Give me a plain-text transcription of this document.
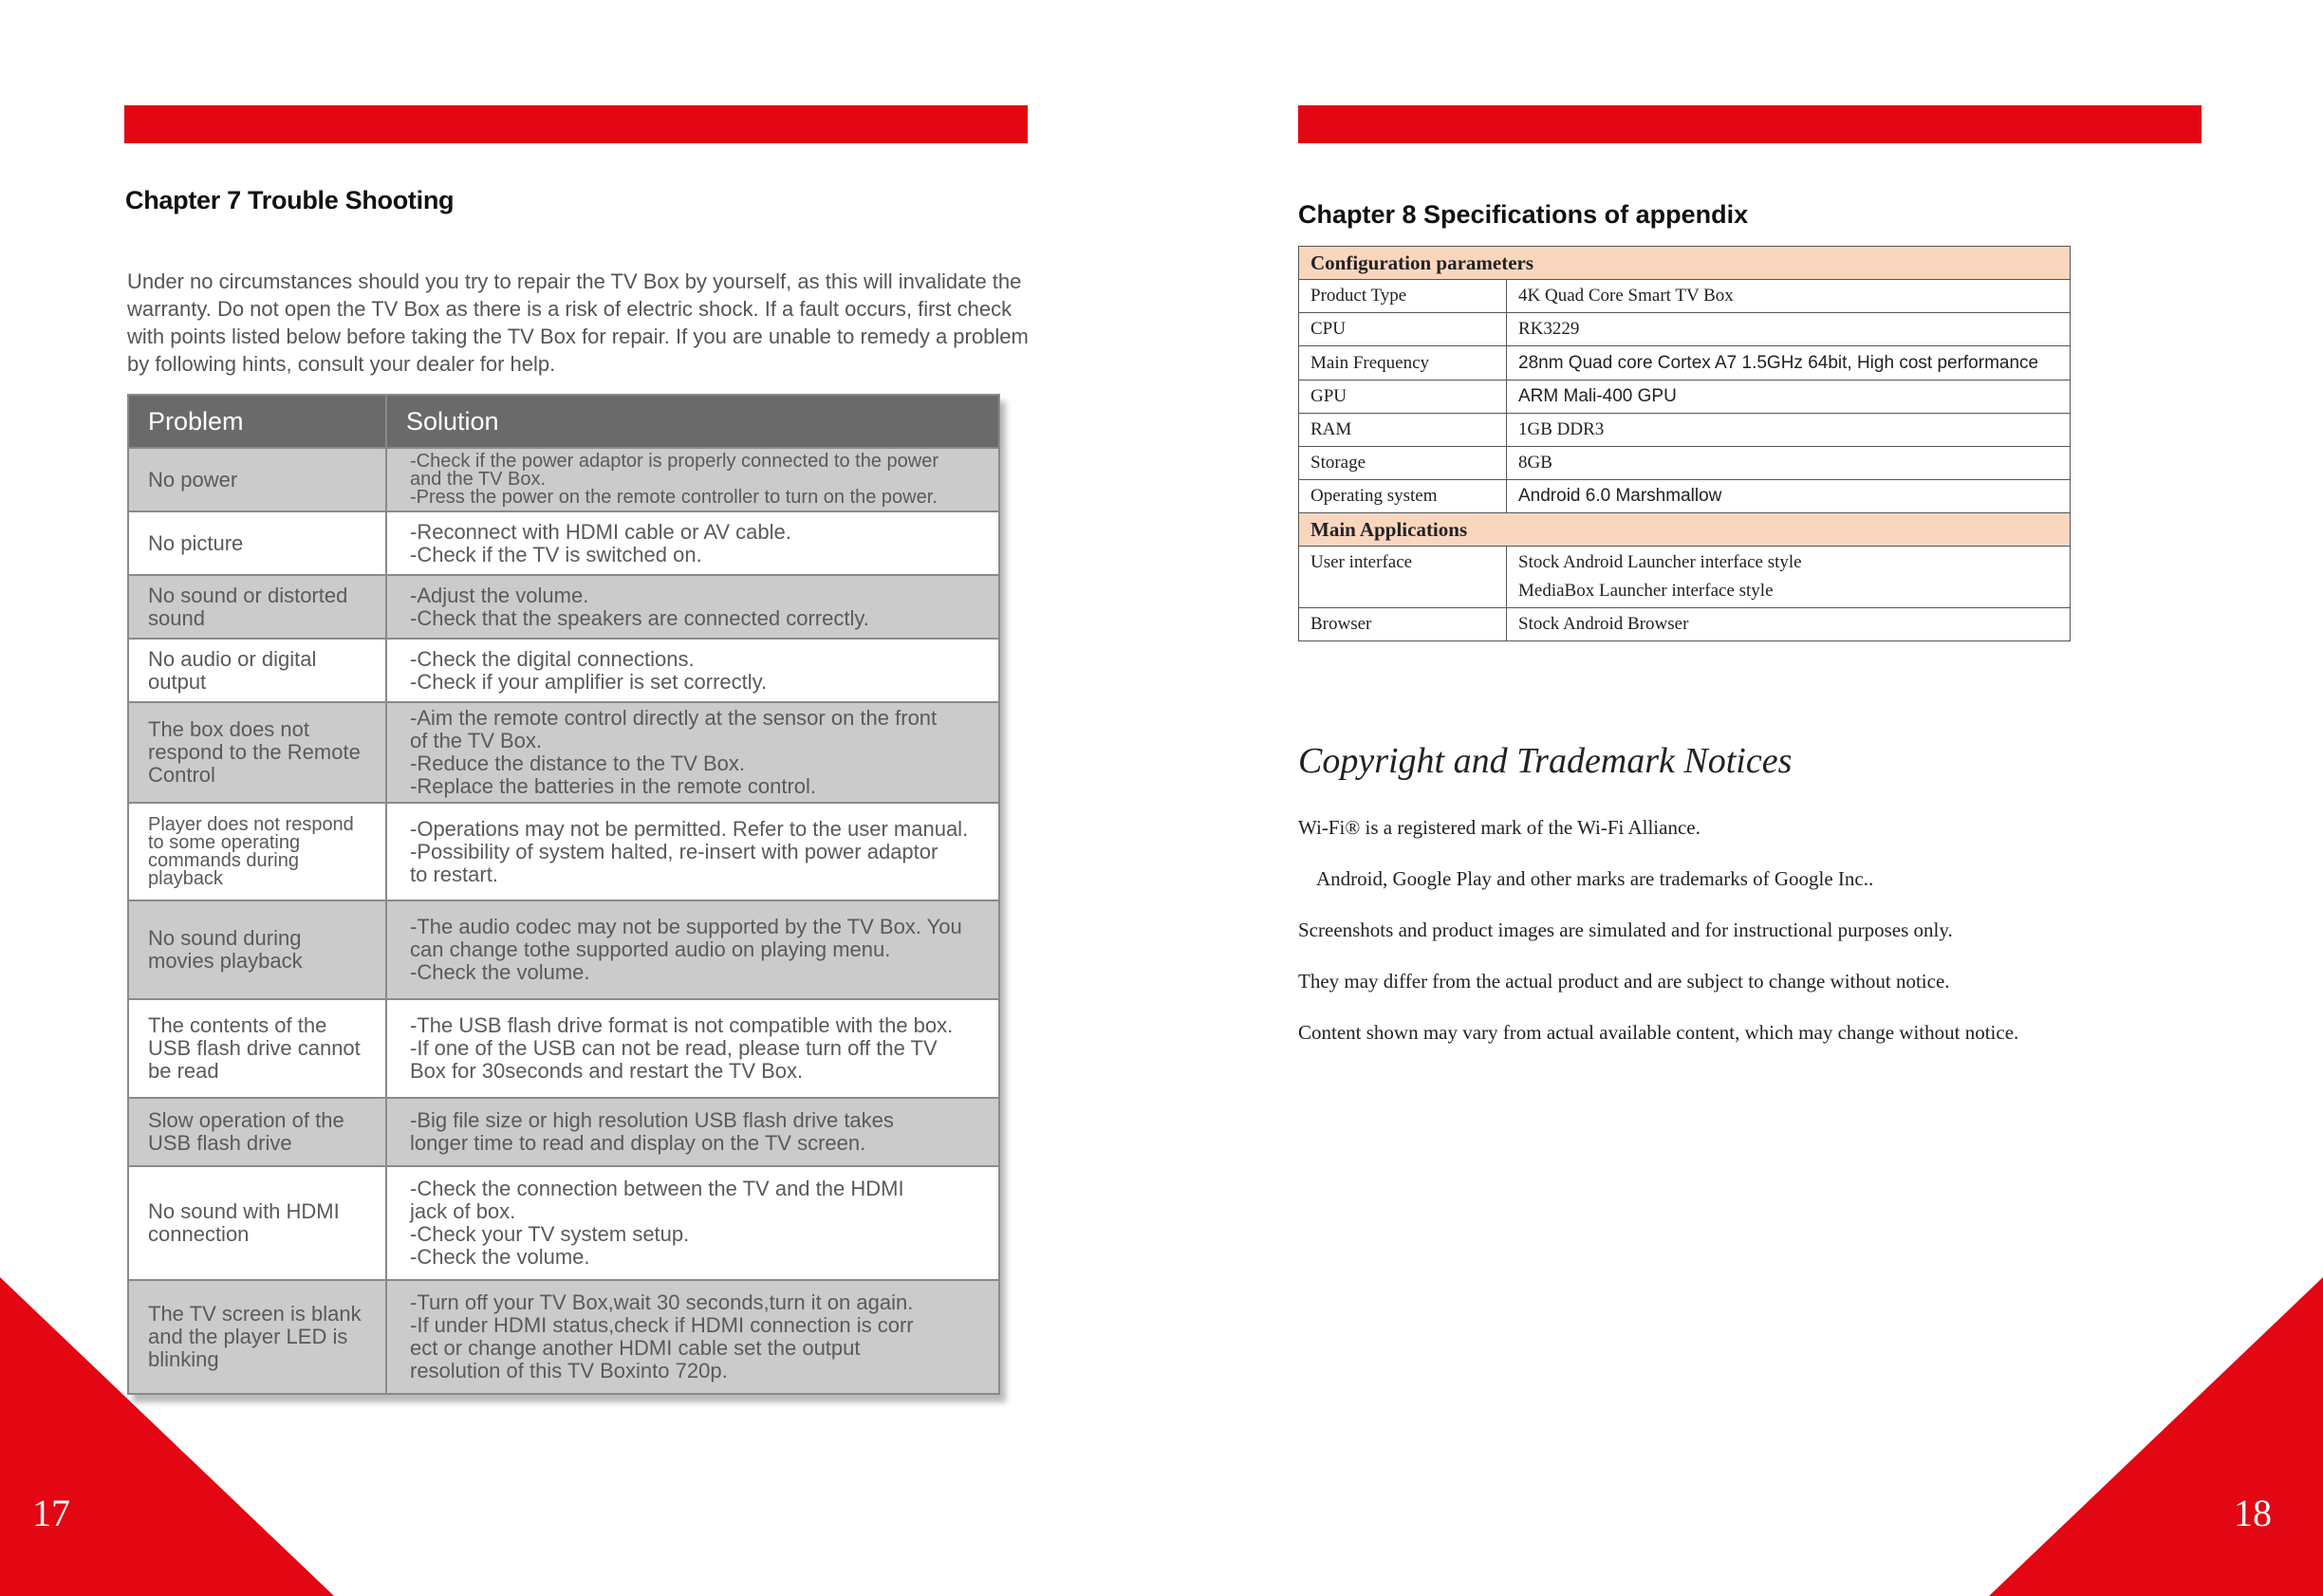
Chapter 7 Trouble Shooting

Under no circumstances should you try to repair the TV Box by yourself, as this will invalidate the warranty. Do not open the TV Box as there is a risk of electric shock. If a fault occurs, first check with points listed below before taking the TV Box for repair. If you are unable to remedy a problem by following hints, consult your dealer for help.

Problem	Solution
No power	-Check if the power adaptor is properly connected to the power
and the TV Box.
-Press the power on the remote controller to turn on the power.
No picture	-Reconnect with HDMI cable or AV cable.
-Check if the TV is switched on.
No sound or distorted sound	-Adjust the volume.
-Check that the speakers are connected correctly.
No audio or digital output	-Check the digital connections.
-Check if your amplifier is set correctly.
The box does not respond to the Remote Control	-Aim the remote control directly at the sensor on the front
of the TV Box.
-Reduce the distance to the TV Box.
-Replace the batteries in the remote control.
Player does not respond to some operating commands during playback	-Operations may not be permitted. Refer to the user manual.
-Possibility of system halted, re-insert with power adaptor
to restart.
No sound during movies playback	-The audio codec may not be supported by the TV Box. You
can change tothe supported audio on playing menu.
-Check the volume.
The contents of the USB flash drive cannot be read	-The USB flash drive format is not compatible with the box.
-If one of the USB can not be read, please turn off the TV
Box for 30seconds and restart the TV Box.
Slow operation of the USB flash drive	-Big file size or high resolution USB flash drive takes
longer time to read and display on the TV screen.
No sound with HDMI connection	-Check the connection between the TV and the HDMI
jack of box.
-Check your TV system setup.
-Check the volume.
The TV screen is blank and the player LED is blinking	-Turn off your TV Box,wait 30 seconds,turn it on again.
-If under HDMI status,check if HDMI connection is corr
ect or change another HDMI cable set the output
resolution of this TV Boxinto 720p.
17
Chapter 8 Specifications of appendix
Configuration parameters	
Product Type	4K Quad Core Smart TV Box
CPU	RK3229
Main Frequency	28nm Quad core Cortex A7 1.5GHz 64bit, High cost performance
GPU	ARM Mali-400 GPU
RAM	1GB DDR3
Storage	8GB
Operating system	Android 6.0 Marshmallow
Main Applications	
User interface	Stock Android Launcher interface style
MediaBox Launcher interface style

Browser	Stock Android Browser
Copyright and Trademark Notices

Wi-Fi® is a registered mark of the Wi-Fi Alliance.

Android, Google Play and other marks are trademarks of Google Inc..

Screenshots and product images are simulated and for instructional purposes only.

They may differ from the actual product and are subject to change without notice.

Content shown may vary from actual available content, which may change without notice.

18
